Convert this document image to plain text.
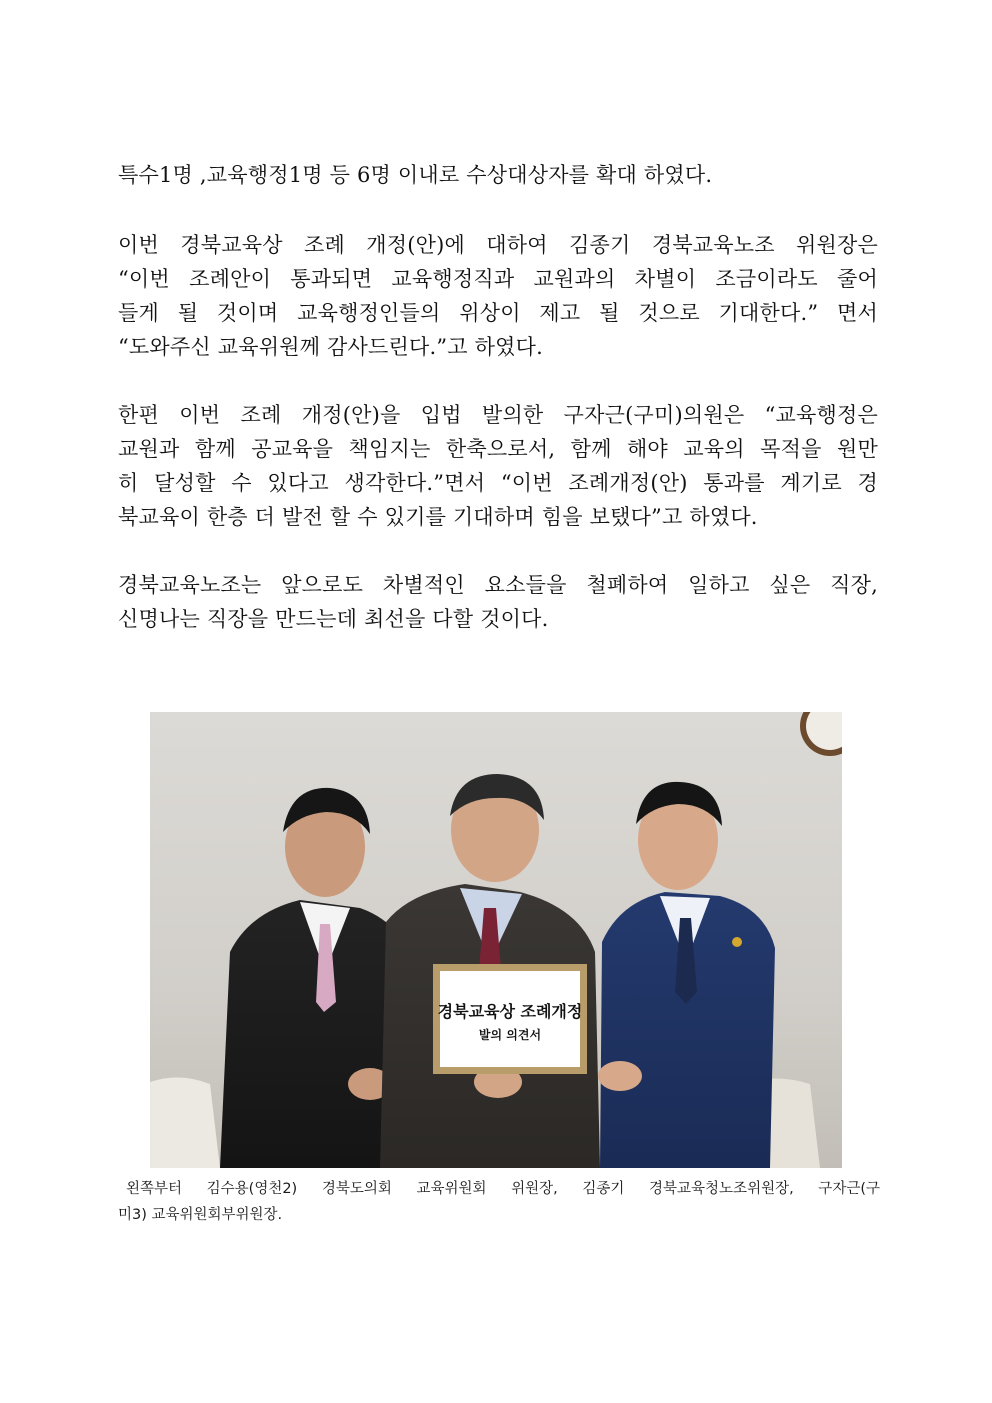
특수1명 ,교육행정1명 등 6명 이내로 수상대상자를 확대 하였다.
이번 경북교육상 조례 개정(안)에 대하여 김종기 경북교육노조 위원장은
“이번 조례안이 통과되면 교육행정직과 교원과의 차별이 조금이라도 줄어
들게 될 것이며 교육행정인들의 위상이 제고 될 것으로 기대한다.” 면서
“도와주신 교육위원께 감사드린다.”고 하였다.
한편 이번 조례 개정(안)을 입법 발의한 구자근(구미)의원은 “교육행정은
교원과 함께 공교육을 책임지는 한축으로서, 함께 해야 교육의 목적을 원만
히 달성할 수 있다고 생각한다.”면서 “이번 조례개정(안) 통과를 계기로 경
북교육이 한층 더 발전 할 수 있기를 기대하며 힘을 보탰다”고 하였다.
경북교육노조는 앞으로도 차별적인 요소들을 철폐하여 일하고 싶은 직장,
신명나는 직장을 만드는데 최선을 다할 것이다.
경북교육상 조례개정
발의 의견서
왼쪽부터 김수용(영천2) 경북도의회 교육위원회 위원장, 김종기 경북교육청노조위원장, 구자근(구
미3) 교육위원회부위원장.
